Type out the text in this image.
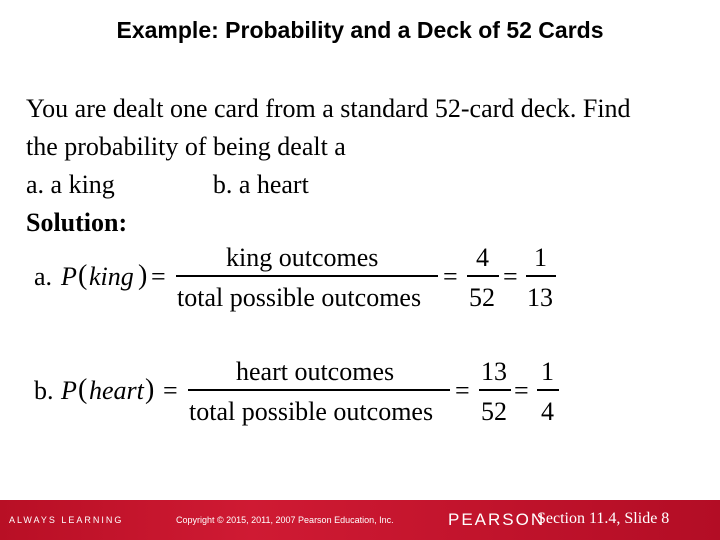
Example: Probability and a Deck of 52 Cards
You are dealt one card from a standard 52-card deck. Find
the probability of being dealt a
a. a king	b. a heart
Solution:
a. P ( king ) =
king outcomes
total possible outcomes
=
4
52
=
1
13
b. P ( heart ) =
heart outcomes
total possible outcomes
=
13
52
=
1
4
ALWAYS LEARNING	Copyright © 2015, 2011, 2007 Pearson Education, Inc.	PEARSON
Section 11.4, Slide 8
